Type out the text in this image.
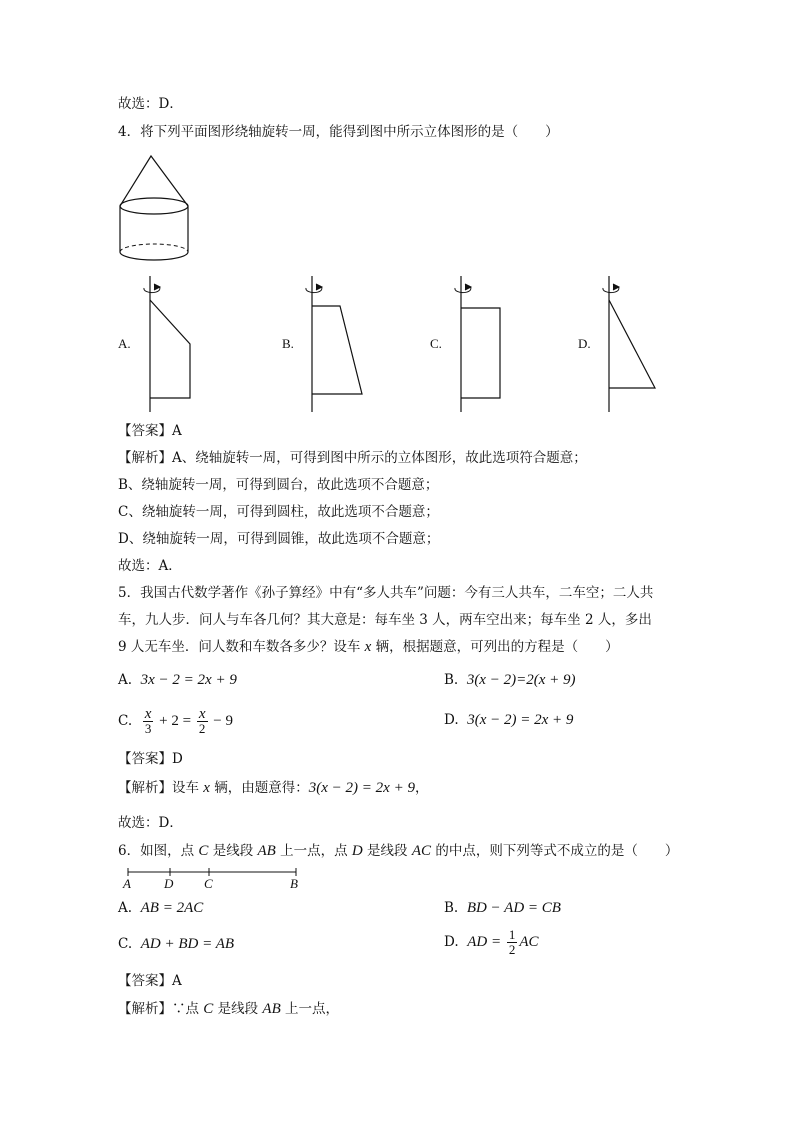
故选：D．
4．将下列平面图形绕轴旋转一周，能得到图中所示立体图形的是（　　）
A.	B.	C.	D.
【答案】A
【解析】A、绕轴旋转一周，可得到图中所示的立体图形，故此选项符合题意；
B、绕轴旋转一周，可得到圆台，故此选项不合题意；
C、绕轴旋转一周，可得到圆柱，故此选项不合题意；
D、绕轴旋转一周，可得到圆锥，故此选项不合题意；
故选：A．
5．我国古代数学著作《孙子算经》中有“多人共车”问题：今有三人共车，二车空；二人共
车，九人步．问人与车各几何？其大意是：每车坐 3 人，两车空出来；每车坐 2 人，多出
9 人无车坐．问人数和车数各多少？设车 x 辆，根据题意，可列出的方程是（　　）
A. 3x − 2 = 2x + 9	B. 3(x − 2)=2(x + 9)
C. $\frac{x}{3} + 2 = \frac{x}{2} - 9$	D. 3(x − 2) = 2x + 9
【答案】D
【解析】设车 x 辆，由题意得：3(x − 2) = 2x + 9，
故选：D．
6．如图，点 C 是线段 AB 上一点，点 D 是线段 AC 的中点，则下列等式不成立的是（　　）
A	D C	B
A. AB = 2AC	B. BD − AD = CB
C. AD + BD = AB	D. AD = $\frac{1}{2}$ AC
【答案】A
【解析】∵点 C 是线段 AB 上一点，
